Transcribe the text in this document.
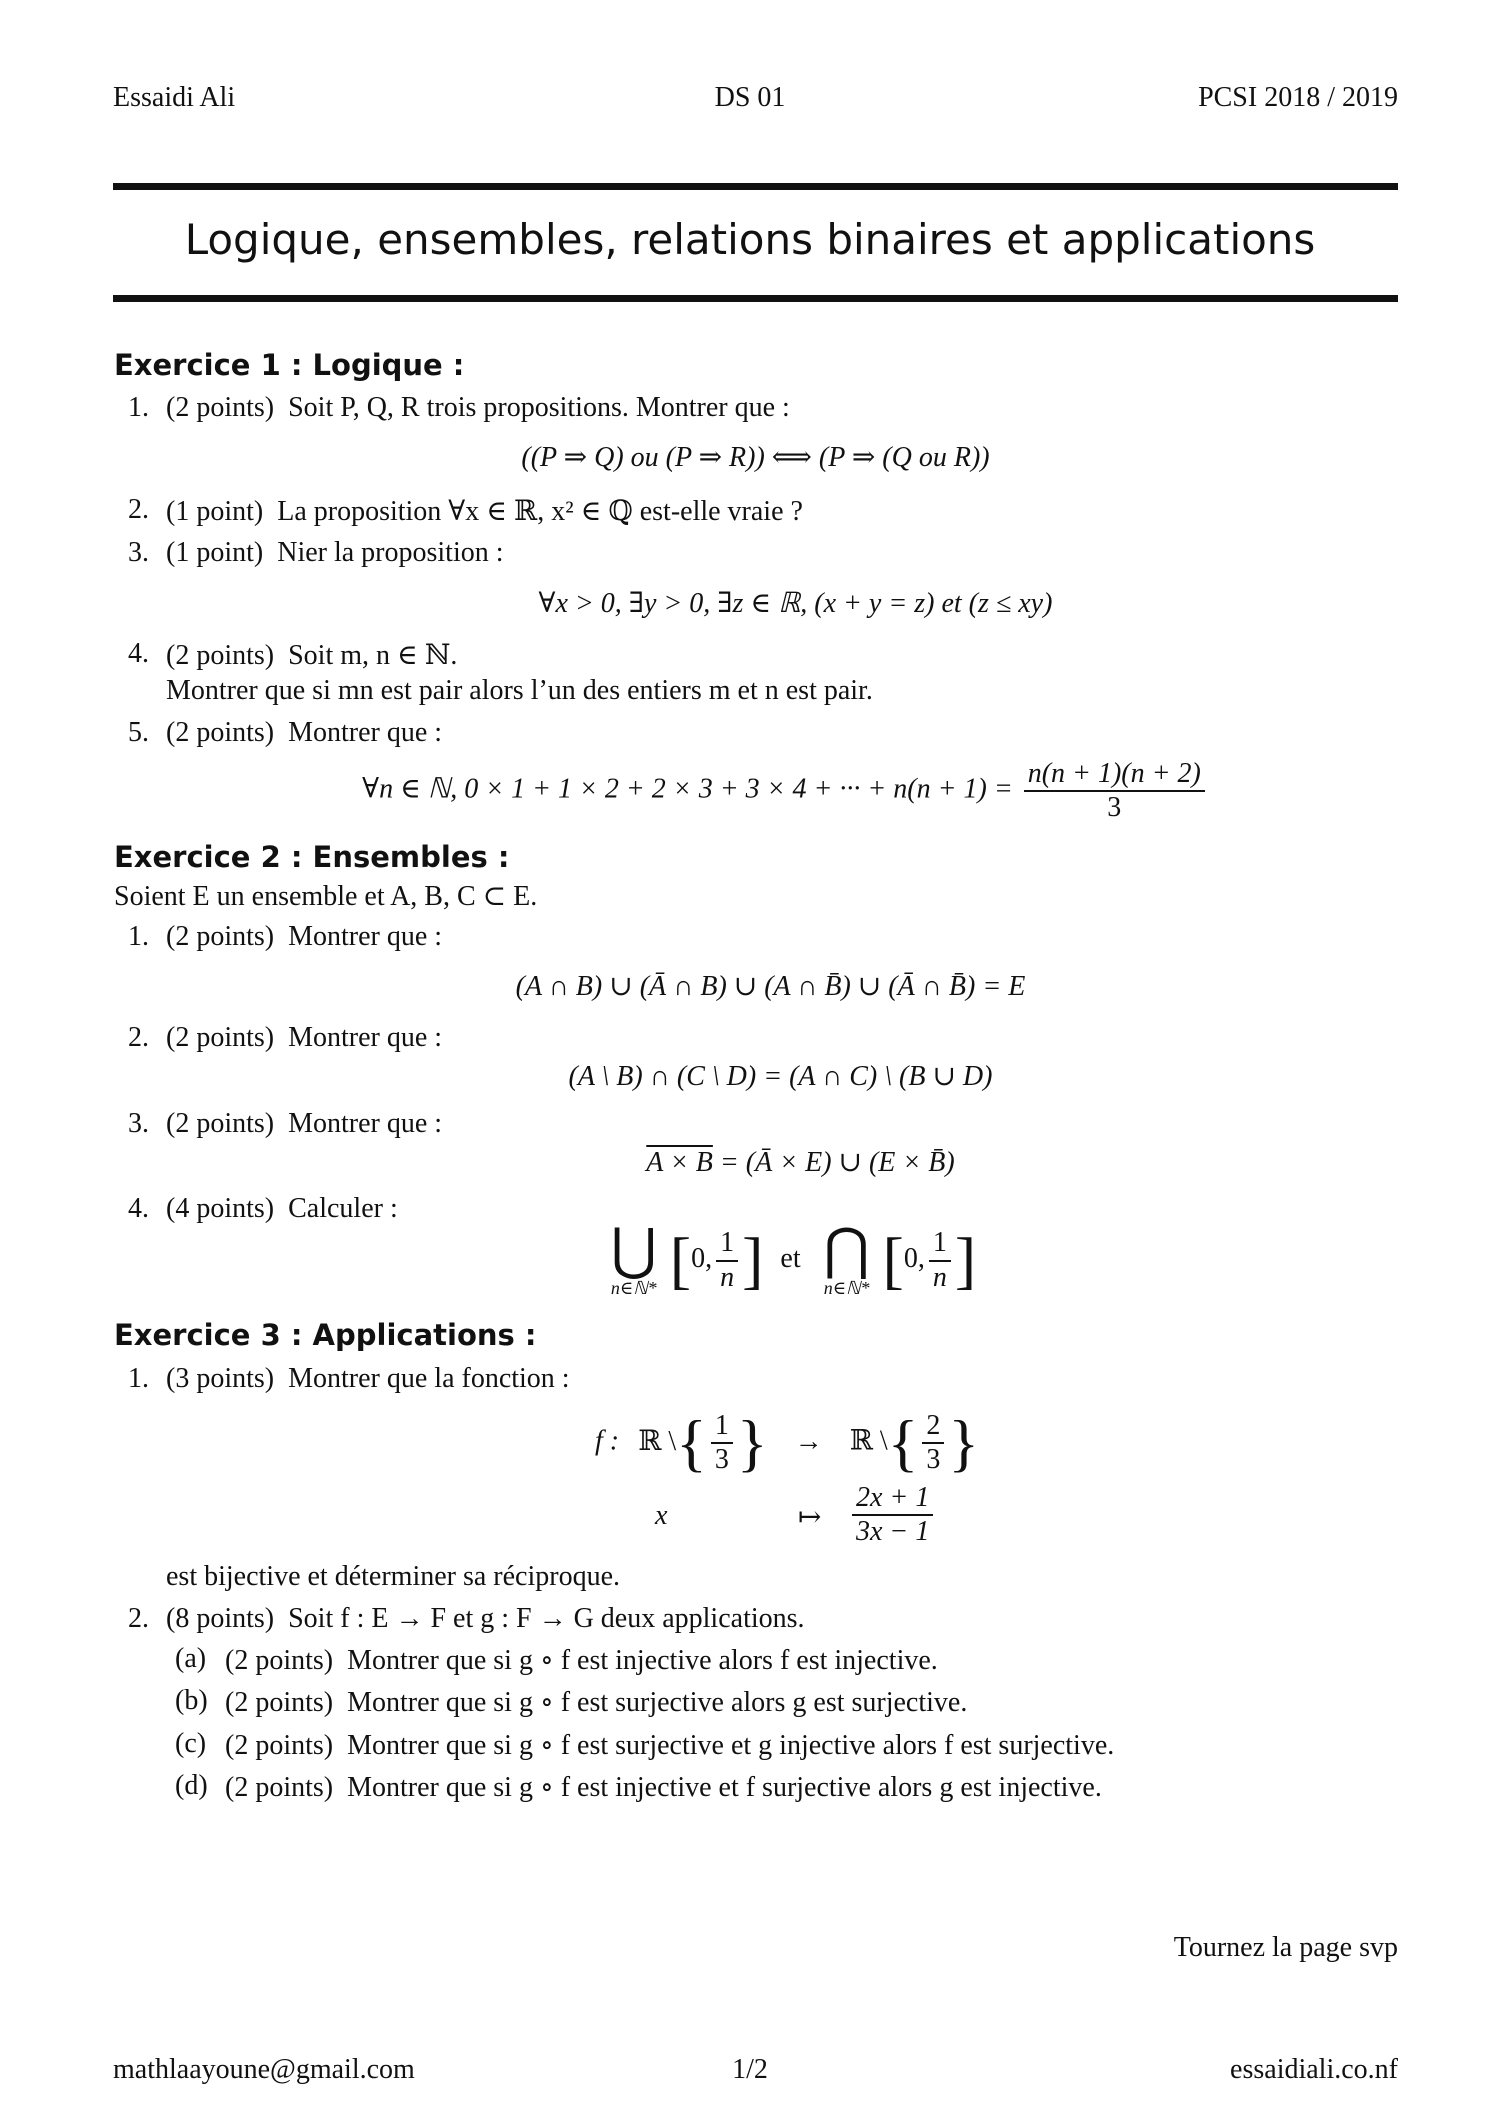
Essaidi Ali	DS 01	PCSI 2018 / 2019
Logique, ensembles, relations binaires et applications
Exercice 1 : Logique :
1. (2 points) Soit P, Q, R trois propositions. Montrer que :
((P ⇒ Q) ou (P ⇒ R)) ⟺ (P ⇒ (Q ou R))
2. (1 point) La proposition ∀x ∈ ℝ, x² ∈ ℚ est-elle vraie ?
3. (1 point) Nier la proposition :
∀x > 0, ∃y > 0, ∃z ∈ ℝ, (x + y = z) et (z ≤ xy)
4. (2 points) Soit m, n ∈ ℕ.
Montrer que si mn est pair alors l’un des entiers m et n est pair.
5. (2 points) Montrer que :
∀n ∈ ℕ, 0 × 1 + 1 × 2 + 2 × 3 + 3 × 4 + ··· + $n(n + 1) = \frac{n(n + 1)(n + 2)}{3}$
Exercice 2 : Ensembles :
Soient E un ensemble et A, B, C ⊂ E.
1. (2 points) Montrer que :
(A ∩ B) ∪ (Ā ∩ B) ∪ (A ∩ B̄) ∪ (Ā ∩ B̄) = E
2. (2 points) Montrer que :
(A \ B) ∩ (C \ D) = (A ∩ C) \ (B ∪ D)
3. (2 points) Montrer que :
A × B = (Ā × E) ∪ (E × B̄)
4. (4 points) Calculer :
⋃
n∈ℕ* [0, $\frac{1}{n}$ ] et ⋂
n∈ℕ* [0, $\frac{1}{n}$ ]
Exercice 3 : Applications :
1. (3 points) Montrer que la fonction :
f : ℝ \{ $\frac{1}{3}$ } → ℝ \{ $\frac{2}{3}$ }
x	↦ $\frac{2x + 1}{3x - 1}$
est bijective et déterminer sa réciproque.
2. (8 points) Soit f : E → F et g : F → G deux applications.
(a) (2 points) Montrer que si g ∘ f est injective alors f est injective.
(b) (2 points) Montrer que si g ∘ f est surjective alors g est surjective.
(c) (2 points) Montrer que si g ∘ f est surjective et g injective alors f est surjective.
(d) (2 points) Montrer que si g ∘ f est injective et f surjective alors g est injective.
Tournez la page svp
mathlaayoune@gmail.com	1/2	essaidiali.co.nf
